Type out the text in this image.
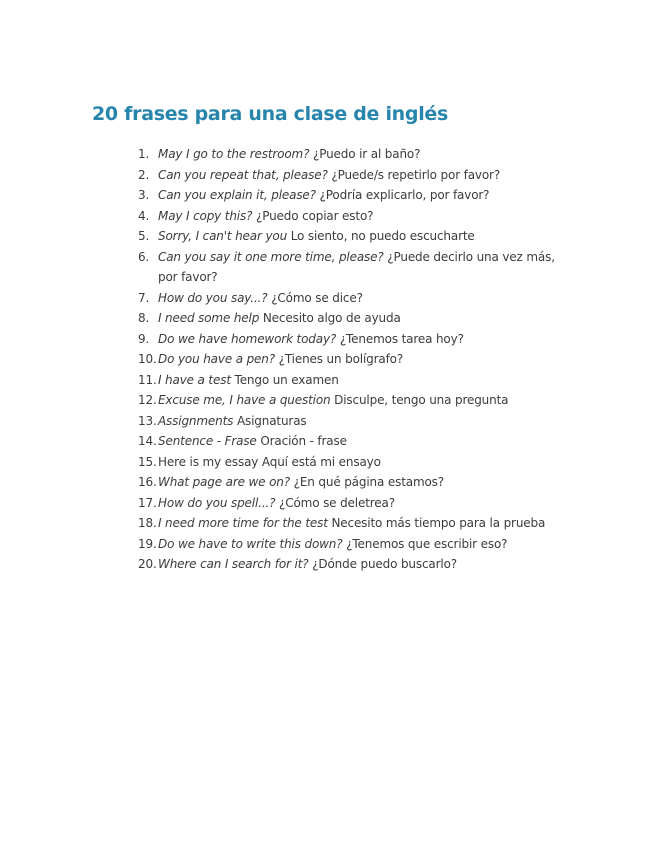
20 frases para una clase de inglés
1. May I go to the restroom? ¿Puedo ir al baño?
2. Can you repeat that, please? ¿Puede/s repetirlo por favor?
3. Can you explain it, please? ¿Podría explicarlo, por favor?
4. May I copy this? ¿Puedo copiar esto?
5. Sorry, I can't hear you Lo siento, no puedo escucharte
6. Can you say it one more time, please? ¿Puede decirlo una vez más, por favor?
7. How do you say...? ¿Cómo se dice?
8. I need some help Necesito algo de ayuda
9. Do we have homework today? ¿Tenemos tarea hoy?
10. Do you have a pen? ¿Tienes un bolígrafo?
11. I have a test Tengo un examen
12. Excuse me, I have a question Disculpe, tengo una pregunta
13. Assignments Asignaturas
14. Sentence - Frase Oración - frase
15. Here is my essay Aquí está mi ensayo
16. What page are we on? ¿En qué página estamos?
17. How do you spell...? ¿Cómo se deletrea?
18. I need more time for the test Necesito más tiempo para la prueba
19. Do we have to write this down? ¿Tenemos que escribir eso?
20. Where can I search for it? ¿Dónde puedo buscarlo?
